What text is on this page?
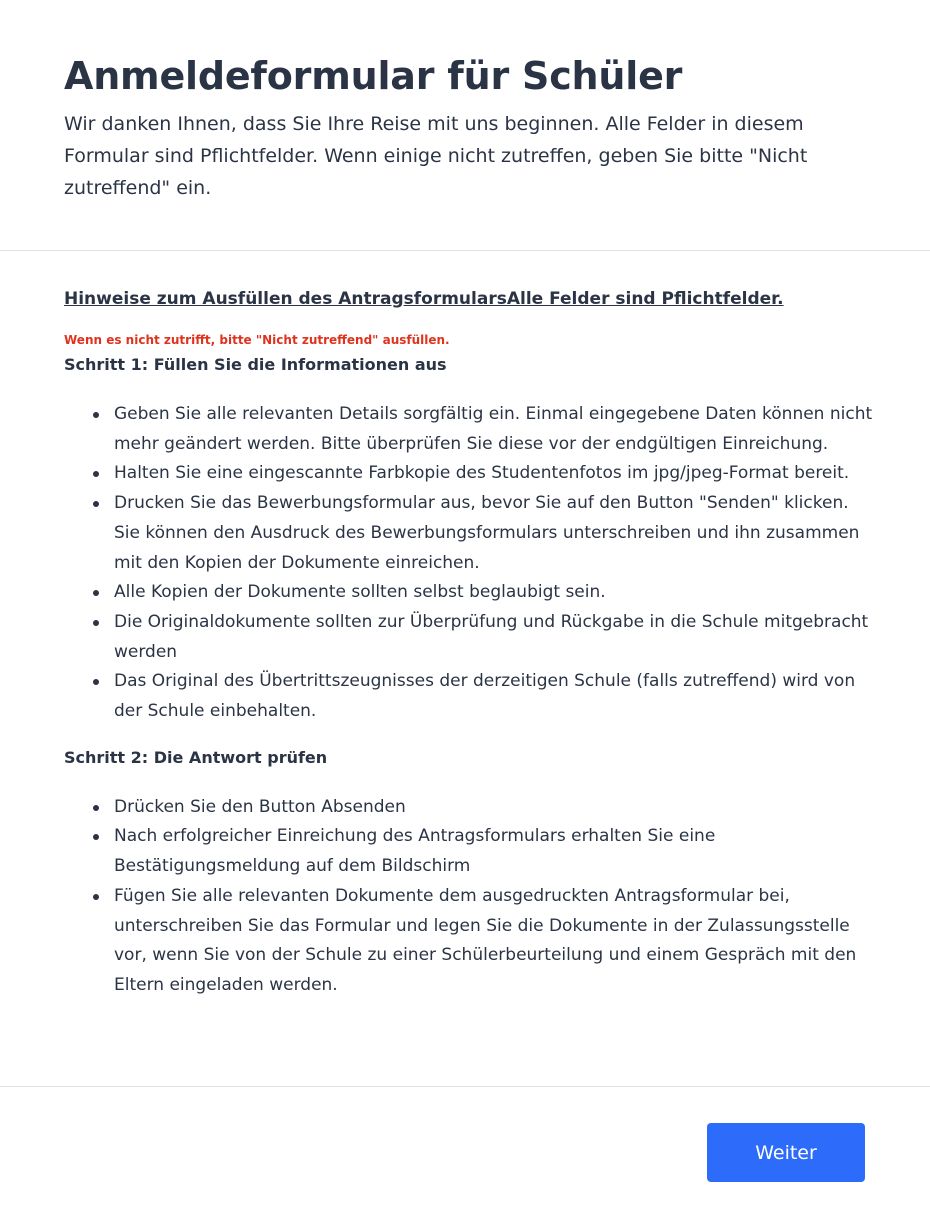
Anmeldeformular für Schüler

Wir danken Ihnen, dass Sie Ihre Reise mit uns beginnen. Alle Felder in diesem Formular sind Pflichtfelder. Wenn einige nicht zutreffen, geben Sie bitte "Nicht zutreffend" ein.

Hinweise zum Ausfüllen des AntragsformularsAlle Felder sind Pflichtfelder.
Wenn es nicht zutrifft, bitte "Nicht zutreffend" ausfüllen.
Schritt 1: Füllen Sie die Informationen aus
Geben Sie alle relevanten Details sorgfältig ein. Einmal eingegebene Daten können nicht mehr geändert werden. Bitte überprüfen Sie diese vor der endgültigen Einreichung.
Halten Sie eine eingescannte Farbkopie des Studentenfotos im jpg/jpeg-Format bereit.
Drucken Sie das Bewerbungsformular aus, bevor Sie auf den Button "Senden" klicken. Sie können den Ausdruck des Bewerbungsformulars unterschreiben und ihn zusammen mit den Kopien der Dokumente einreichen.
Alle Kopien der Dokumente sollten selbst beglaubigt sein.
Die Originaldokumente sollten zur Überprüfung und Rückgabe in die Schule mitgebracht werden
Das Original des Übertrittszeugnisses der derzeitigen Schule (falls zutreffend) wird von der Schule einbehalten.
Schritt 2: Die Antwort prüfen
Drücken Sie den Button Absenden
Nach erfolgreicher Einreichung des Antragsformulars erhalten Sie eine Bestätigungsmeldung auf dem Bildschirm
Fügen Sie alle relevanten Dokumente dem ausgedruckten Antragsformular bei, unterschreiben Sie das Formular und legen Sie die Dokumente in der Zulassungsstelle vor, wenn Sie von der Schule zu einer Schülerbeurteilung und einem Gespräch mit den Eltern eingeladen werden.
Weiter
